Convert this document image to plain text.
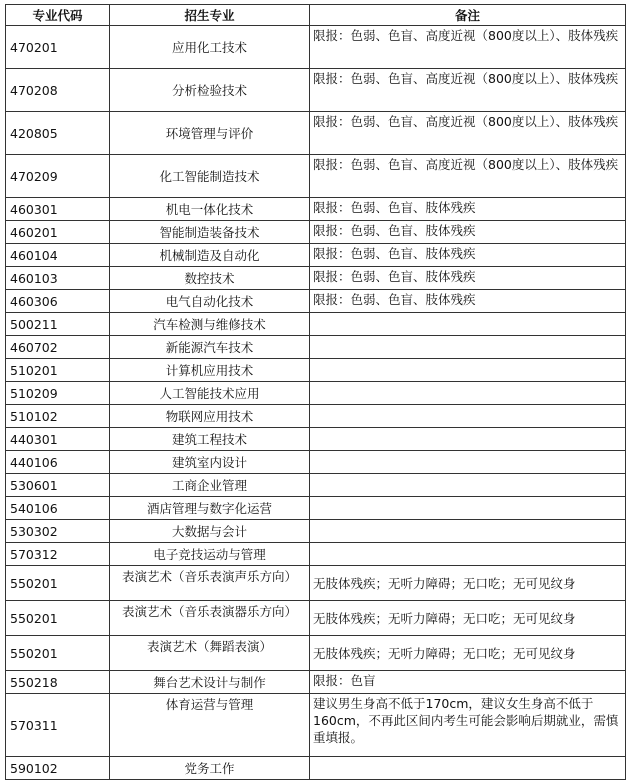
专业代码	招生专业	备注
470201	应用化工技术	限报：色弱、色盲、高度近视（800度以上）、肢体残疾
470208	分析检验技术	限报：色弱、色盲、高度近视（800度以上）、肢体残疾
420805	环境管理与评价	限报：色弱、色盲、高度近视（800度以上）、肢体残疾
470209	化工智能制造技术	限报：色弱、色盲、高度近视（800度以上）、肢体残疾
460301	机电一体化技术	限报：色弱、色盲、肢体残疾
460201	智能制造装备技术	限报：色弱、色盲、肢体残疾
460104	机械制造及自动化	限报：色弱、色盲、肢体残疾
460103	数控技术	限报：色弱、色盲、肢体残疾
460306	电气自动化技术	限报：色弱、色盲、肢体残疾
500211	汽车检测与维修技术	
460702	新能源汽车技术	
510201	计算机应用技术	
510209	人工智能技术应用	
510102	物联网应用技术	
440301	建筑工程技术	
440106	建筑室内设计	
530601	工商企业管理	
540106	酒店管理与数字化运营	
530302	大数据与会计	
570312	电子竞技运动与管理	
550201	表演艺术（音乐表演声乐方向）	无肢体残疾；无听力障碍；无口吃；无可见纹身
550201	表演艺术（音乐表演器乐方向）	无肢体残疾；无听力障碍；无口吃；无可见纹身
550201	表演艺术（舞蹈表演）	无肢体残疾；无听力障碍；无口吃；无可见纹身
550218	舞台艺术设计与制作	限报：色盲
570311	体育运营与管理	建议男生身高不低于170cm，建议女生身高不低于160cm，不再此区间内考生可能会影响后期就业，需慎重填报。
590102	党务工作	
